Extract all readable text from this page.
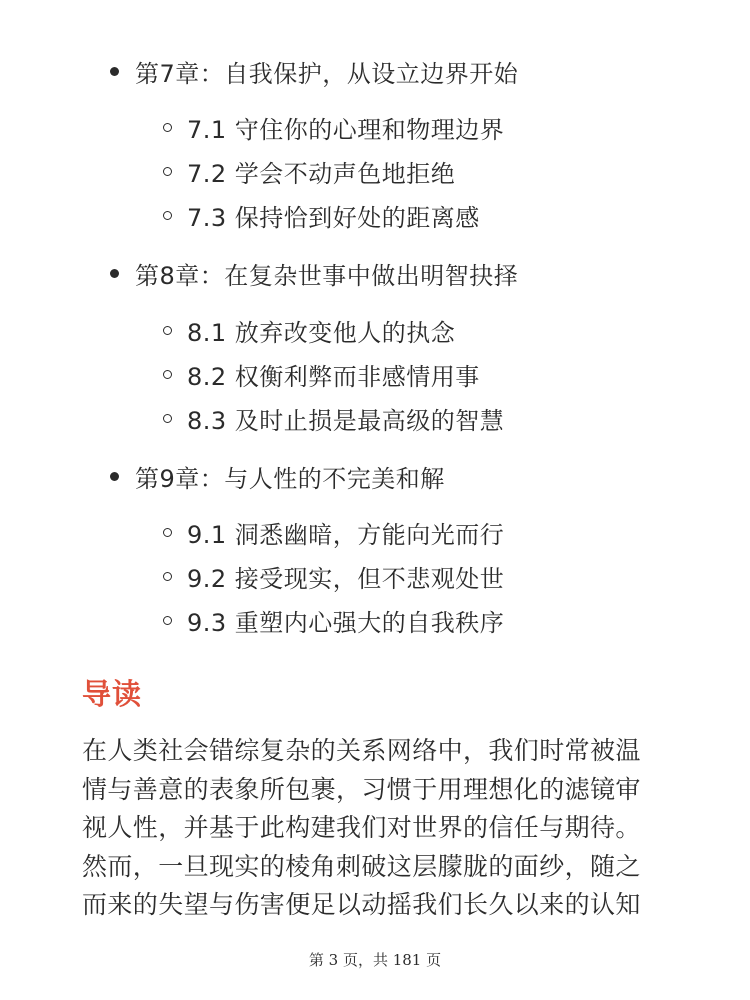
第7章：自我保护，从设立边界开始
7.1 守住你的心理和物理边界
7.2 学会不动声色地拒绝
7.3 保持恰到好处的距离感
第8章：在复杂世事中做出明智抉择
8.1 放弃改变他人的执念
8.2 权衡利弊而非感情用事
8.3 及时止损是最高级的智慧
第9章：与人性的不完美和解
9.1 洞悉幽暗，方能向光而行
9.2 接受现实，但不悲观处世
9.3 重塑内心强大的自我秩序
导读
在人类社会错综复杂的关系网络中，我们时常被温
情与善意的表象所包裹，习惯于用理想化的滤镜审
视人性，并基于此构建我们对世界的信任与期待。
然而，一旦现实的棱角刺破这层朦胧的面纱，随之
而来的失望与伤害便足以动摇我们长久以来的认知
第 3 页，共 181 页
